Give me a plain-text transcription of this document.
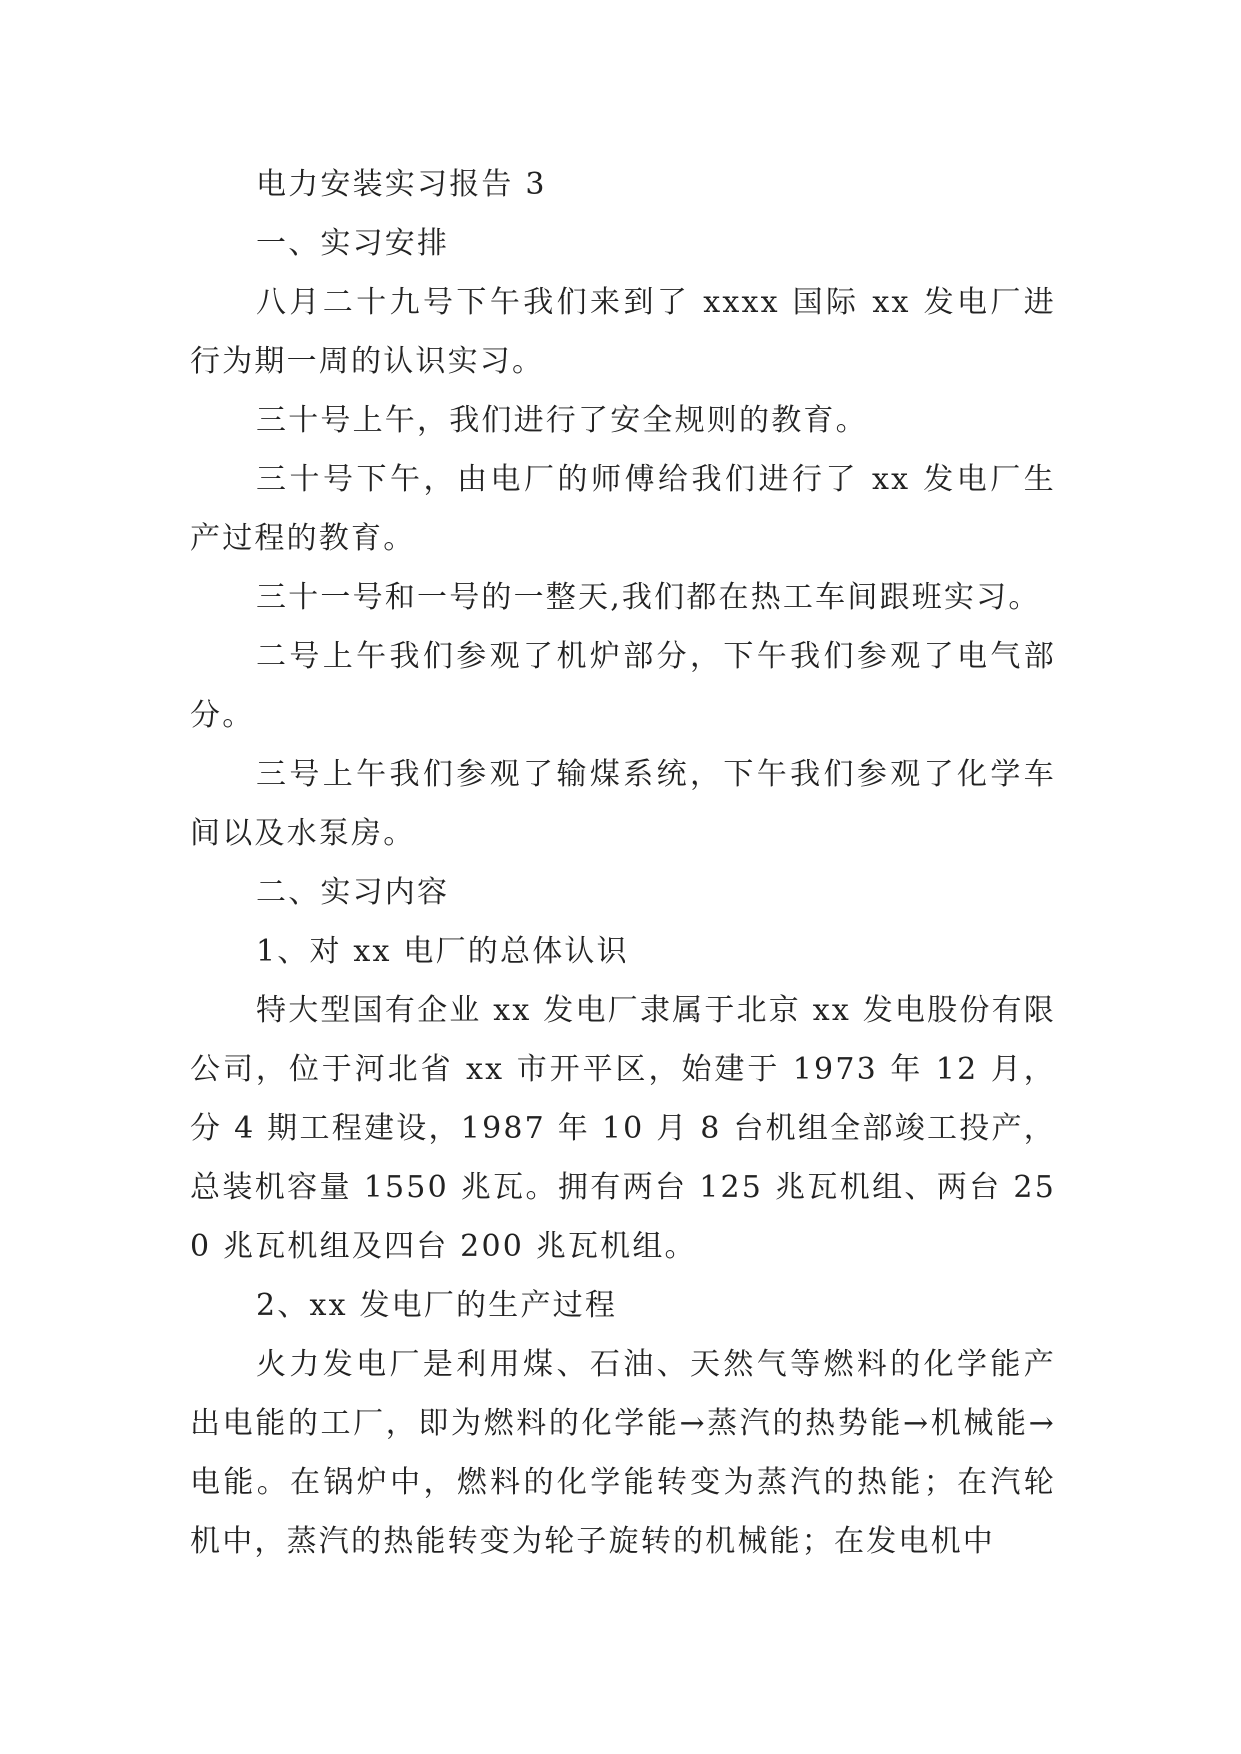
电力安装实习报告 3

一、实习安排

八月二十九号下午我们来到了 xxxx 国际 xx 发电厂进行为期一周的认识实习。

三十号上午，我们进行了安全规则的教育。

三十号下午，由电厂的师傅给我们进行了 xx 发电厂生产过程的教育。

三十一号和一号的一整天,我们都在热工车间跟班实习。

二号上午我们参观了机炉部分，下午我们参观了电气部分。

三号上午我们参观了输煤系统，下午我们参观了化学车间以及水泵房。

二、实习内容

1、对 xx 电厂的总体认识

特大型国有企业 xx 发电厂隶属于北京 xx 发电股份有限公司，位于河北省 xx 市开平区，始建于 1973 年 12 月，分 4 期工程建设，1987 年 10 月 8 台机组全部竣工投产，总装机容量 1550 兆瓦。拥有两台 125 兆瓦机组、两台 250 兆瓦机组及四台 200 兆瓦机组。

2、xx 发电厂的生产过程

火力发电厂是利用煤、石油、天然气等燃料的化学能产出电能的工厂，即为燃料的化学能→蒸汽的热势能→机械能→电能。在锅炉中，燃料的化学能转变为蒸汽的热能；在汽轮机中，蒸汽的热能转变为轮子旋转的机械能；在发电机中
